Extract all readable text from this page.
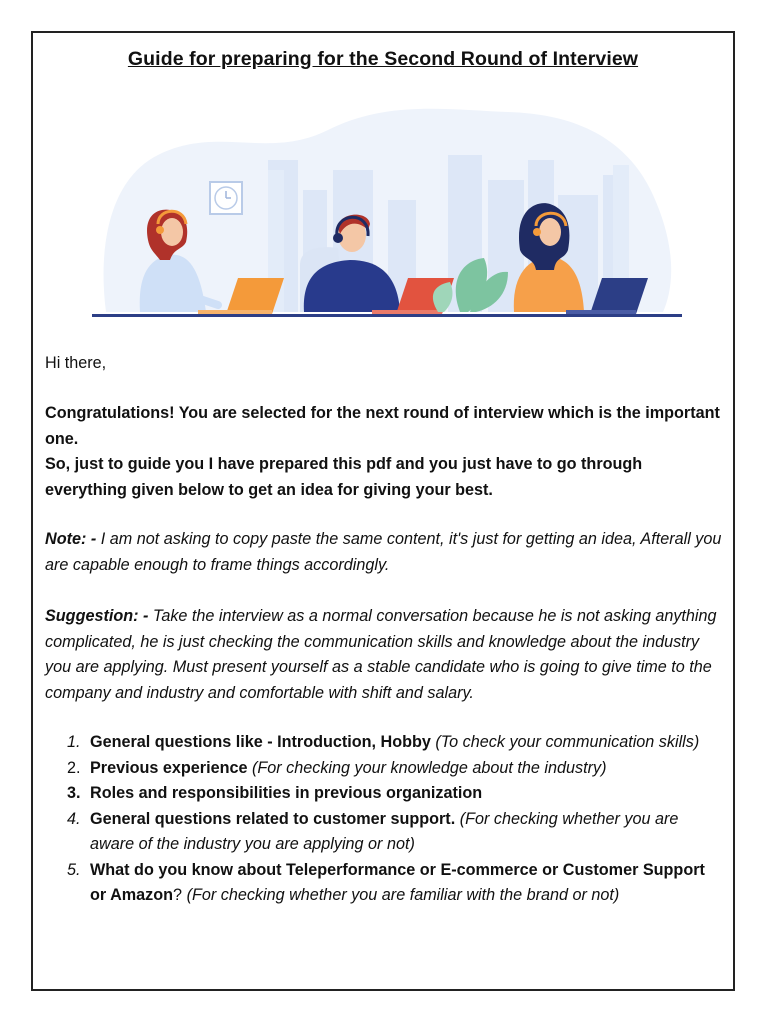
Guide for preparing for the Second Round of Interview

Hi there,

Congratulations! You are selected for the next round of interview which is the important one.

So, just to guide you I have prepared this pdf and you just have to go through everything given below to get an idea for giving your best.

Note: - I am not asking to copy paste the same content, it's just for getting an idea, Afterall you are capable enough to frame things accordingly.

Suggestion: - Take the interview as a normal conversation because he is not asking anything complicated, he is just checking the communication skills and knowledge about the industry you are applying. Must present yourself as a stable candidate who is going to give time to the company and industry and comfortable with shift and salary.

1. General questions like - Introduction, Hobby (To check your communication skills)
2. Previous experience (For checking your knowledge about the industry)
3. Roles and responsibilities in previous organization
4. General questions related to customer support. (For checking whether you are aware of the industry you are applying or not)
5. What do you know about Teleperformance or E-commerce or Customer Support or Amazon? (For checking whether you are familiar with the brand or not)
